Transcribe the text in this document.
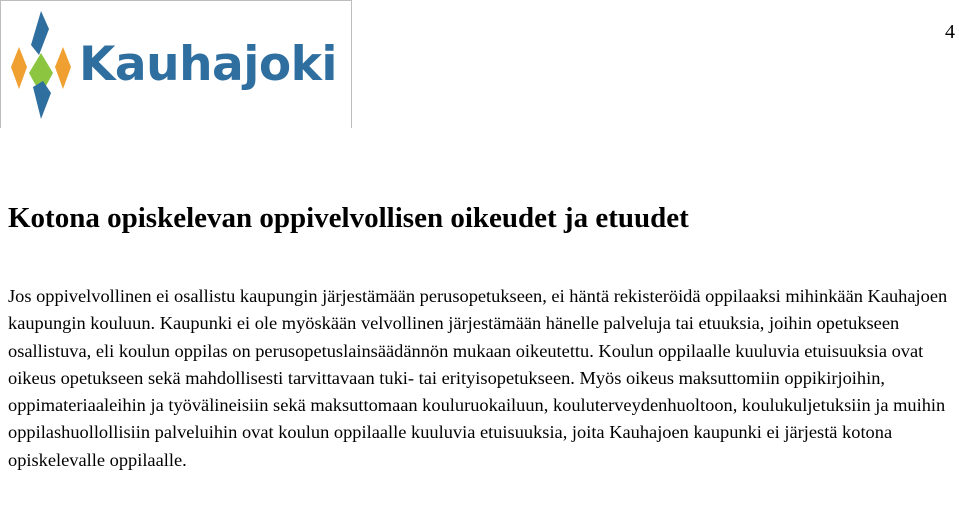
Kauhajoki
4
Kotona opiskelevan oppivelvollisen oikeudet ja etuudet

Jos oppivelvollinen ei osallistu kaupungin järjestämään perusopetukseen, ei häntä rekisteröidä oppilaaksi mihinkään Kauhajoen kaupungin kouluun. Kaupunki ei ole myöskään velvollinen järjestämään hänelle palveluja tai etuuksia, joihin opetukseen osallistuva, eli koulun oppilas on perusopetuslainsäädännön mukaan oikeutettu. Koulun oppilaalle kuuluvia etuisuuksia ovat oikeus opetukseen sekä mahdollisesti tarvittavaan tuki- tai erityisopetukseen. Myös oikeus maksuttomiin oppikirjoihin, oppimateriaaleihin ja työvälineisiin sekä maksuttomaan kouluruokailuun, kouluterveydenhuoltoon, koulukuljetuksiin ja muihin oppilashuollollisiin palveluihin ovat koulun oppilaalle kuuluvia etuisuuksia, joita Kauhajoen kaupunki ei järjestä kotona opiskelevalle oppilaalle.
